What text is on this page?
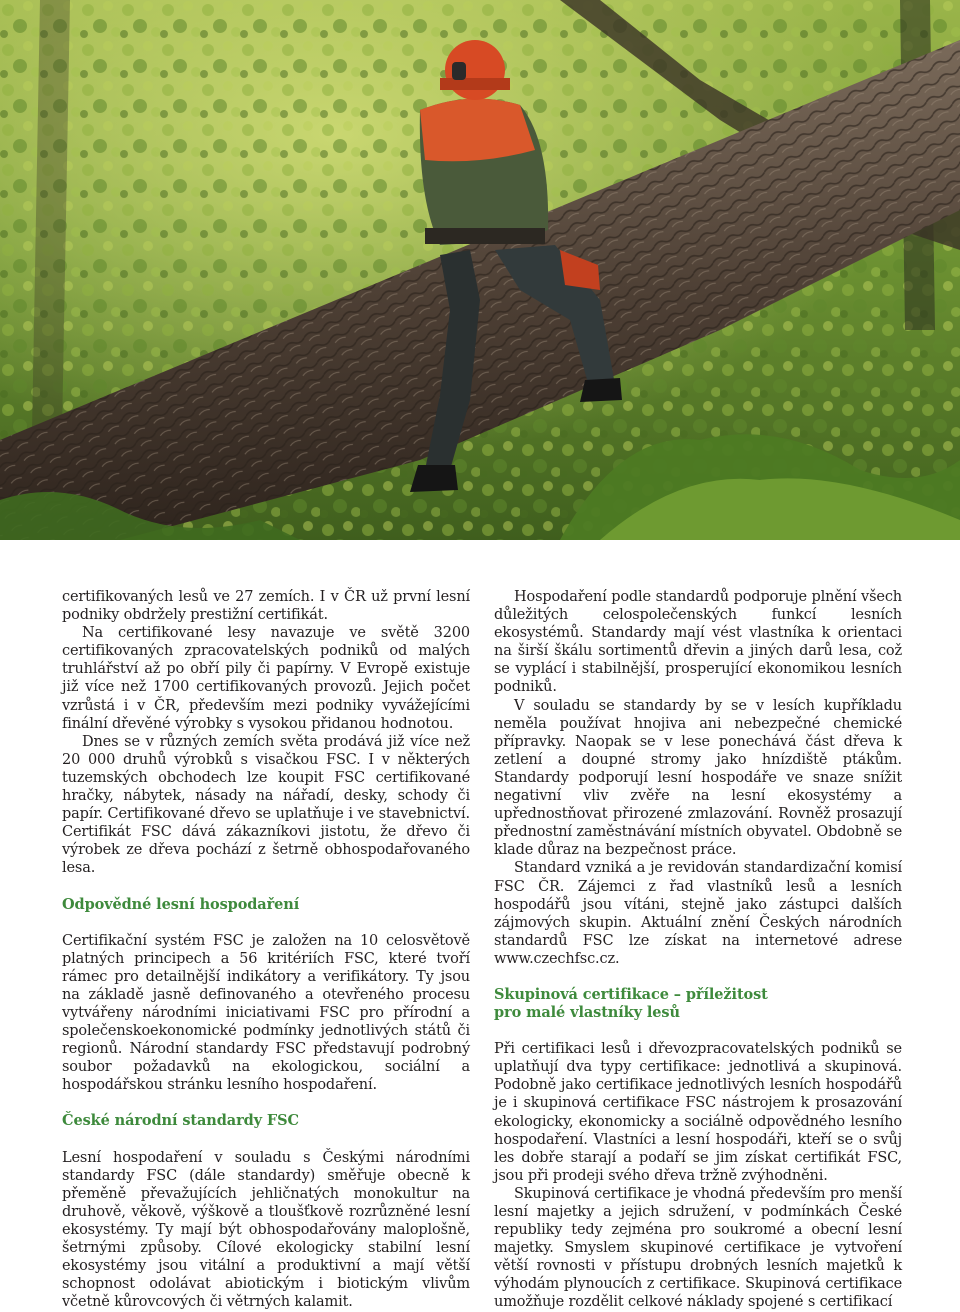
certifikovaných lesů ve 27 zemích. I v ČR už první lesní podniky obdržely prestižní certifikát.

Na certifikované lesy navazuje ve světě 3200 certifikovaných zpracovatelských podniků od malých truhlářství až po obří pily či papírny. V Evropě existuje již více než 1700 certifikovaných provozů. Jejich počet vzrůstá i v ČR, především mezi podniky vyvážejícími finální dřevěné výrobky s vysokou přidanou hodnotou.

Dnes se v různých zemích světa prodává již více než 20 000 druhů výrobků s visačkou FSC. I v některých tuzemských obchodech lze koupit FSC certifikované hračky, nábytek, násady na nářadí, desky, schody či papír. Certifikované dřevo se uplatňuje i ve stavebnictví. Certifikát FSC dává zákazníkovi jistotu, že dřevo či výrobek ze dřeva pochází z šetrně obhospodařovaného lesa.

Odpovědné lesní hospodaření

Certifikační systém FSC je založen na 10 celosvětově platných principech a 56 kritériích FSC, které tvoří rámec pro detailnější indikátory a verifikátory. Ty jsou na základě jasně definovaného a otevřeného procesu vytvářeny národními iniciativami FSC pro přírodní a společenskoekonomické podmínky jednotlivých států či regionů. Národní standardy FSC představují podrobný soubor požadavků na ekologickou, sociální a hospodářskou stránku lesního hospodaření.

České národní standardy FSC

Lesní hospodaření v souladu s Českými národními standardy FSC (dále standardy) směřuje obecně k přeměně převažujících jehličnatých monokultur na druhově, věkově, výškově a tloušťkově rozrůzněné lesní ekosystémy. Ty mají být obhospodařovány maloplošně, šetrnými způsoby. Cílové ekologicky stabilní lesní ekosystémy jsou vitální a produktivní a mají větší schopnost odolávat abiotickým i biotickým vlivům včetně kůrovcových či větrných kalamit.

Hospodaření podle standardů podporuje plnění všech důležitých celospolečenských funkcí lesních ekosystémů. Standardy mají vést vlastníka k orientaci na širší škálu sortimentů dřevin a jiných darů lesa, což se vyplácí i stabilnější, prosperující ekonomikou lesních podniků.

V souladu se standardy by se v lesích kupříkladu neměla používat hnojiva ani nebezpečné chemické přípravky. Naopak se v lese ponechává část dřeva k zetlení a doupné stromy jako hnízdiště ptákům. Standardy podporují lesní hospodáře ve snaze snížit negativní vliv zvěře na lesní ekosystémy a upřednostňovat přirozené zmlazování. Rovněž prosazují přednostní zaměstnávání místních obyvatel. Obdobně se klade důraz na bezpečnost práce.

Standard vzniká a je revidován standardizační komisí FSC ČR. Zájemci z řad vlastníků lesů a lesních hospodářů jsou vítáni, stejně jako zástupci dalších zájmových skupin. Aktuální znění Českých národních standardů FSC lze získat na internetové adrese www.czechfsc.cz.

Skupinová certifikace – příležitost
pro malé vlastníky lesů

Při certifikaci lesů i dřevozpracovatelských podniků se uplatňují dva typy certifikace: jednotlivá a skupinová. Podobně jako certifikace jednotlivých lesních hospodářů je i skupinová certifikace FSC nástrojem k prosazování ekologicky, ekonomicky a sociálně odpovědného lesního hospodaření. Vlastníci a lesní hospodáři, kteří se o svůj les dobře starají a podaří se jim získat certifikát FSC, jsou při prodeji svého dřeva tržně zvýhodněni.

Skupinová certifikace je vhodná především pro menší lesní majetky a jejich sdružení, v podmínkách České republiky tedy zejména pro soukromé a obecní lesní majetky. Smyslem skupinové certifikace je vytvoření větší rovnosti v přístupu drobných lesních majetků k výhodám plynoucích z certifikace. Skupinová certifikace umožňuje rozdělit celkové náklady spojené s certifikací
